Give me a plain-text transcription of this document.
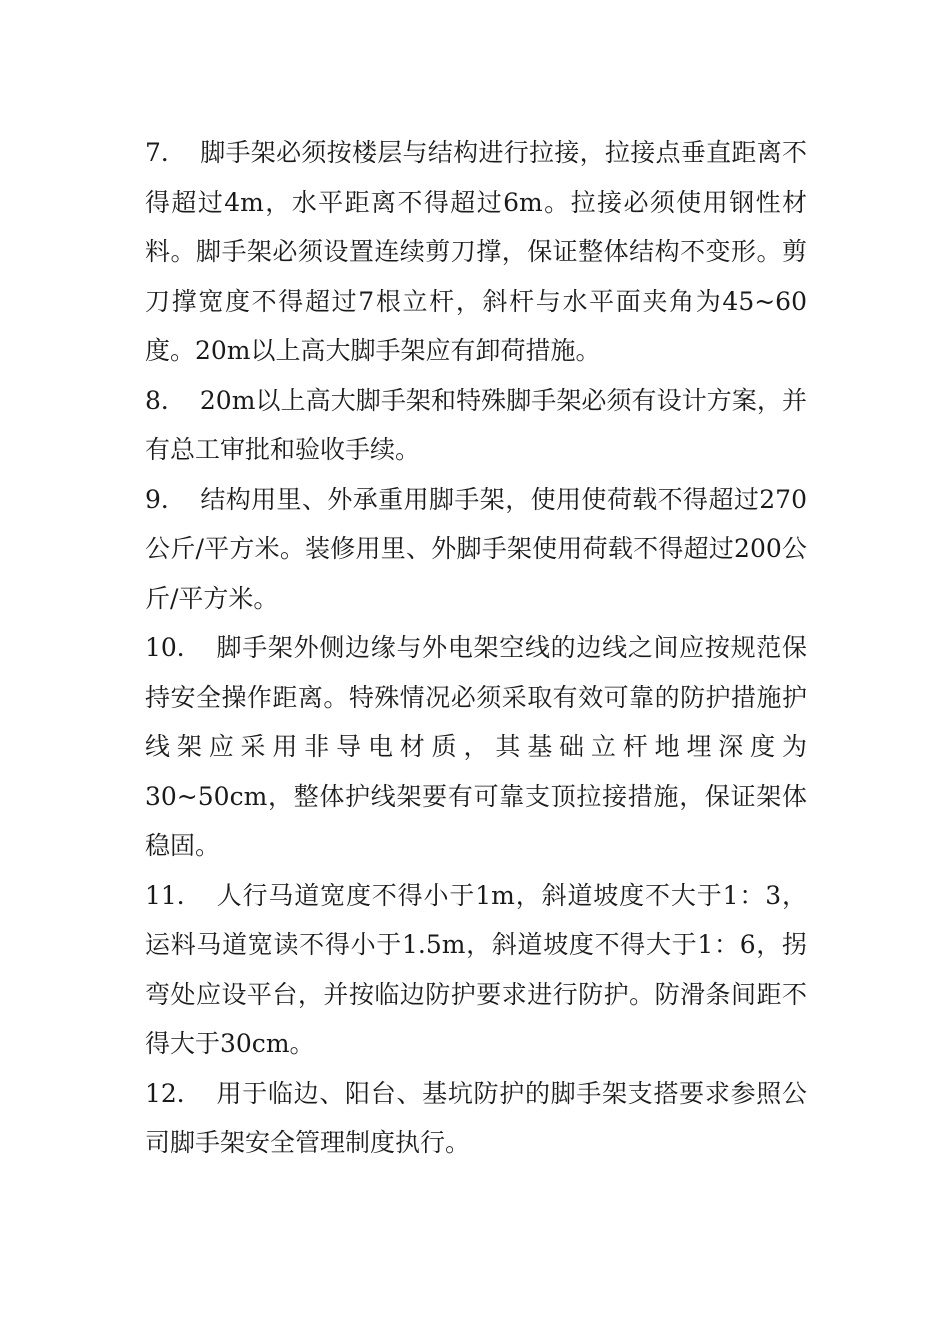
7． 脚手架必须按楼层与结构进行拉接，拉接点垂直距离不得超过4m，水平距离不得超过6m。拉接必须使用钢性材料。脚手架必须设置连续剪刀撑，保证整体结构不变形。剪刀撑宽度不得超过7根立杆，斜杆与水平面夹角为45~60度。20m以上高大脚手架应有卸荷措施。

8． 20m以上高大脚手架和特殊脚手架必须有设计方案，并有总工审批和验收手续。

9． 结构用里、外承重用脚手架，使用使荷载不得超过270公斤/平方米。装修用里、外脚手架使用荷载不得超过200公斤/平方米。

10． 脚手架外侧边缘与外电架空线的边线之间应按规范保持安全操作距离。特殊情况必须采取有效可靠的防护措施护线架应采用非导电材质，其基础立杆地埋深度为30~50cm，整体护线架要有可靠支顶拉接措施，保证架体稳固。

11． 人行马道宽度不得小于1m，斜道坡度不大于1：3，运料马道宽读不得小于1.5m，斜道坡度不得大于1：6，拐弯处应设平台，并按临边防护要求进行防护。防滑条间距不得大于30cm。

12． 用于临边、阳台、基坑防护的脚手架支搭要求参照公司脚手架安全管理制度执行。
